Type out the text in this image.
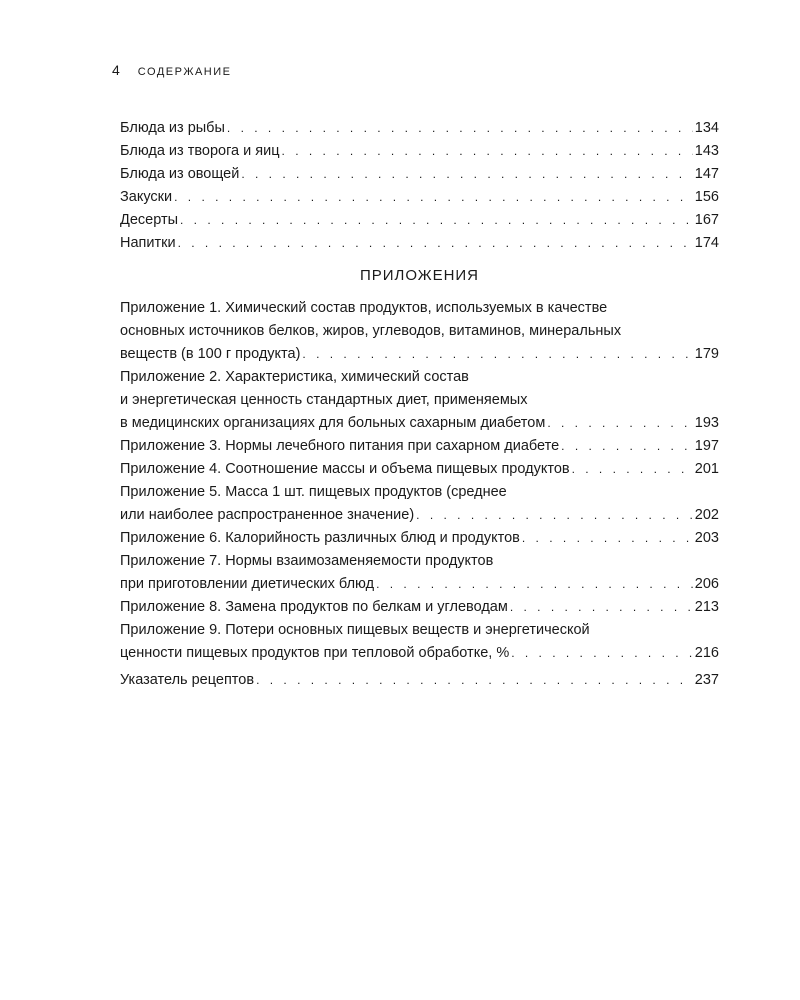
4 СОДЕРЖАНИЕ
Блюда из рыбы . . .	134
Блюда из творога и яиц . . .	143
Блюда из овощей . . .	147
Закуски . . .	156
Десерты . . .	167
Напитки . . .	174
ПРИЛОЖЕНИЯ
Приложение 1. Химический состав продуктов, используемых в качестве
основных источников белков, жиров, углеводов, витаминов, минеральных
веществ (в 100 г продукта) . . .	179
Приложение 2. Характеристика, химический состав
и энергетическая ценность стандартных диет, применяемых
в медицинских организациях для больных сахарным диабетом . . .	193
Приложение 3. Нормы лечебного питания при сахарном диабете . . .	197
Приложение 4. Соотношение массы и объема пищевых продуктов . . .	201
Приложение 5. Масса 1 шт. пищевых продуктов (среднее
или наиболее распространенное значение) . . .	202
Приложение 6. Калорийность различных блюд и продуктов . . .	203
Приложение 7. Нормы взаимозаменяемости продуктов
при приготовлении диетических блюд . . .	206
Приложение 8. Замена продуктов по белкам и углеводам . . .	213
Приложение 9. Потери основных пищевых веществ и энергетической
ценности пищевых продуктов при тепловой обработке, % . . .	216
Указатель рецептов . . .	237
